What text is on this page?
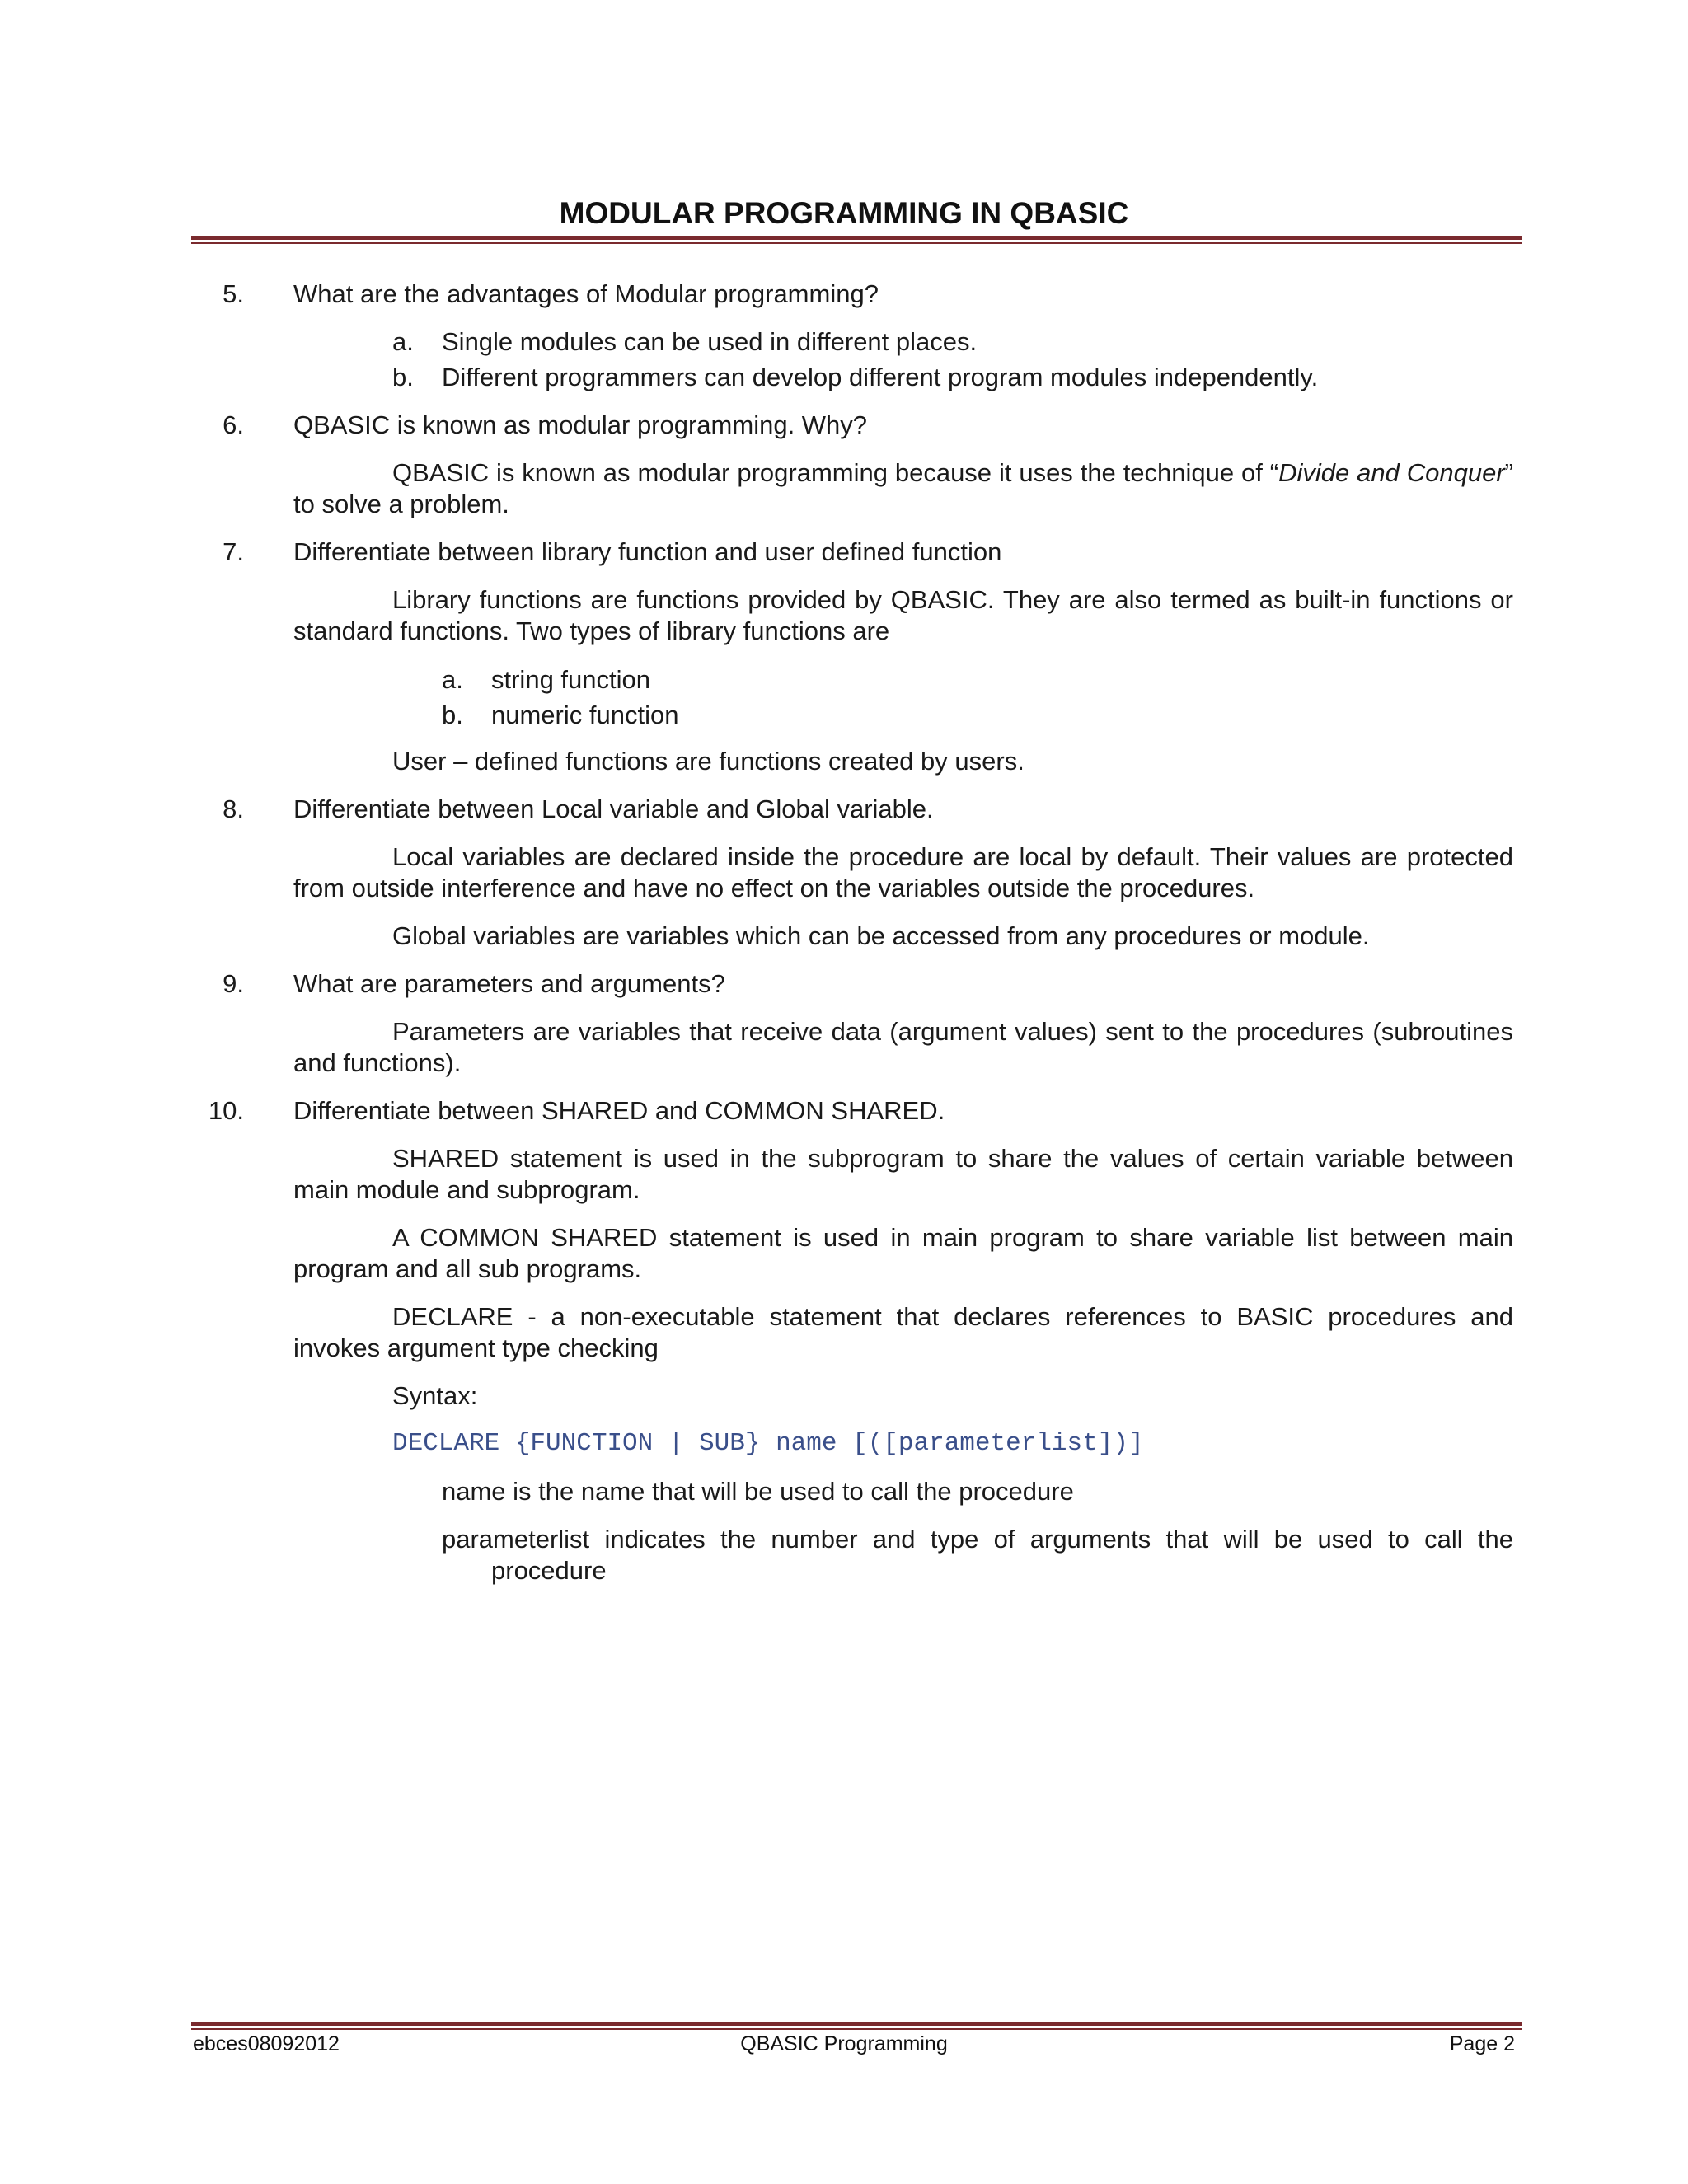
MODULAR PROGRAMMING IN QBASIC
5. What are the advantages of Modular programming?
a. Single modules can be used in different places.
b. Different programmers can develop different program modules independently.
6. QBASIC is known as modular programming. Why?
QBASIC is known as modular programming because it uses the technique of “Divide and Conquer” to solve a problem.
7. Differentiate between library function and user defined function
Library functions are functions provided by QBASIC. They are also termed as built-in functions or standard functions. Two types of library functions are
a. string function
b. numeric function
User – defined functions are functions created by users.
8. Differentiate between Local variable and Global variable.
Local variables are declared inside the procedure are local by default. Their values are protected from outside interference and have no effect on the variables outside the procedures.
Global variables are variables which can be accessed from any procedures or module.
9. What are parameters and arguments?
Parameters are variables that receive data (argument values) sent to the procedures (subroutines and functions).
10. Differentiate between SHARED and COMMON SHARED.
SHARED statement is used in the subprogram to share the values of certain variable between main module and subprogram.
A COMMON SHARED statement is used in main program to share variable list between main program and all sub programs.
DECLARE - a non-executable statement that declares references to BASIC procedures and invokes argument type checking
Syntax:
DECLARE {FUNCTION | SUB} name [([parameterlist])]
name is the name that will be used to call the procedure
parameterlist indicates the number and type of arguments that will be used to call the
procedure
ebces08092012	QBASIC Programming	Page 2
